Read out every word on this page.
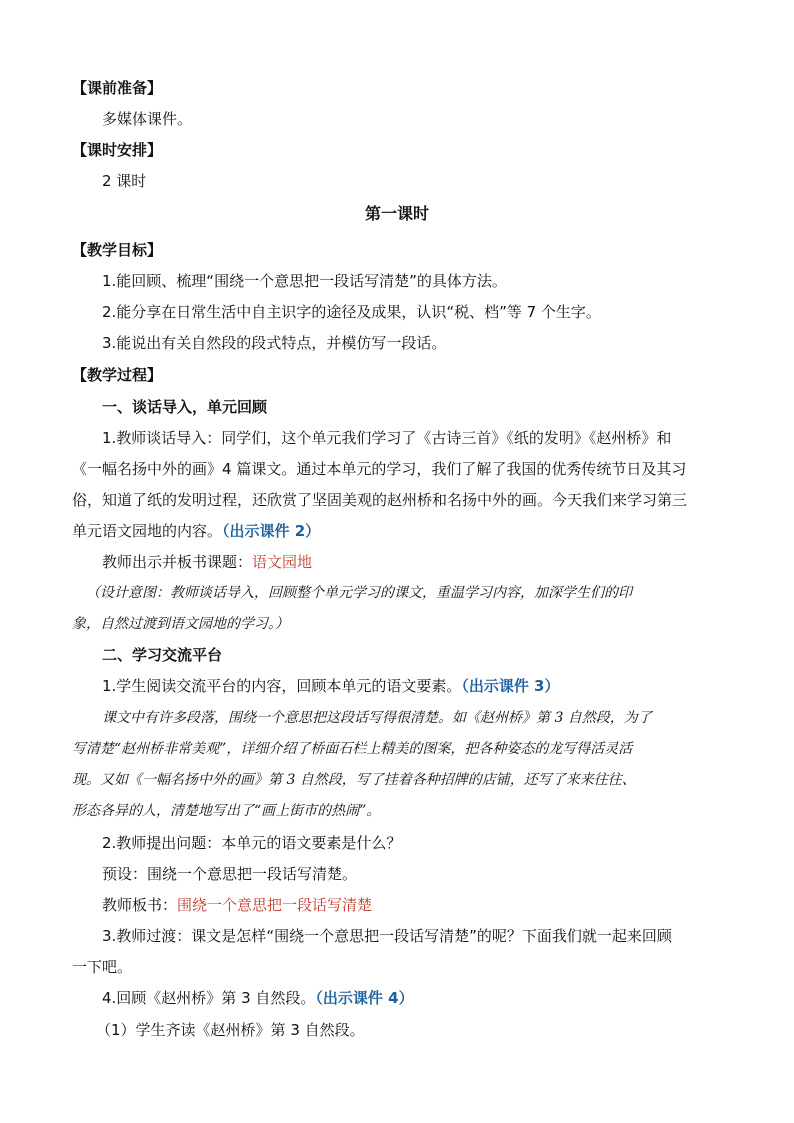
【课前准备】
多媒体课件。
【课时安排】
2 课时
第一课时
【教学目标】
1.能回顾、梳理“围绕一个意思把一段话写清楚”的具体方法。
2.能分享在日常生活中自主识字的途径及成果，认识“税、档”等 7 个生字。
3.能说出有关自然段的段式特点，并模仿写一段话。
【教学过程】
一、谈话导入，单元回顾
1.教师谈话导入：同学们，这个单元我们学习了《古诗三首》《纸的发明》《赵州桥》和
《一幅名扬中外的画》4 篇课文。通过本单元的学习，我们了解了我国的优秀传统节日及其习
俗，知道了纸的发明过程，还欣赏了坚固美观的赵州桥和名扬中外的画。今天我们来学习第三
单元语文园地的内容。（出示课件 2）
教师出示并板书课题：语文园地
（设计意图：教师谈话导入，回顾整个单元学习的课文，重温学习内容，加深学生们的印
象，自然过渡到语文园地的学习。）
二、学习交流平台
1.学生阅读交流平台的内容，回顾本单元的语文要素。（出示课件 3）
课文中有许多段落，围绕一个意思把这段话写得很清楚。如《赵州桥》第 3 自然段，为了
写清楚“赵州桥非常美观”，详细介绍了桥面石栏上精美的图案，把各种姿态的龙写得活灵活
现。又如《一幅名扬中外的画》第 3 自然段，写了挂着各种招牌的店铺，还写了来来往往、
形态各异的人，清楚地写出了“画上街市的热闹”。
2.教师提出问题：本单元的语文要素是什么？
预设：围绕一个意思把一段话写清楚。
教师板书：围绕一个意思把一段话写清楚
3.教师过渡：课文是怎样“围绕一个意思把一段话写清楚”的呢？下面我们就一起来回顾
一下吧。
4.回顾《赵州桥》第 3 自然段。（出示课件 4）
（1）学生齐读《赵州桥》第 3 自然段。
